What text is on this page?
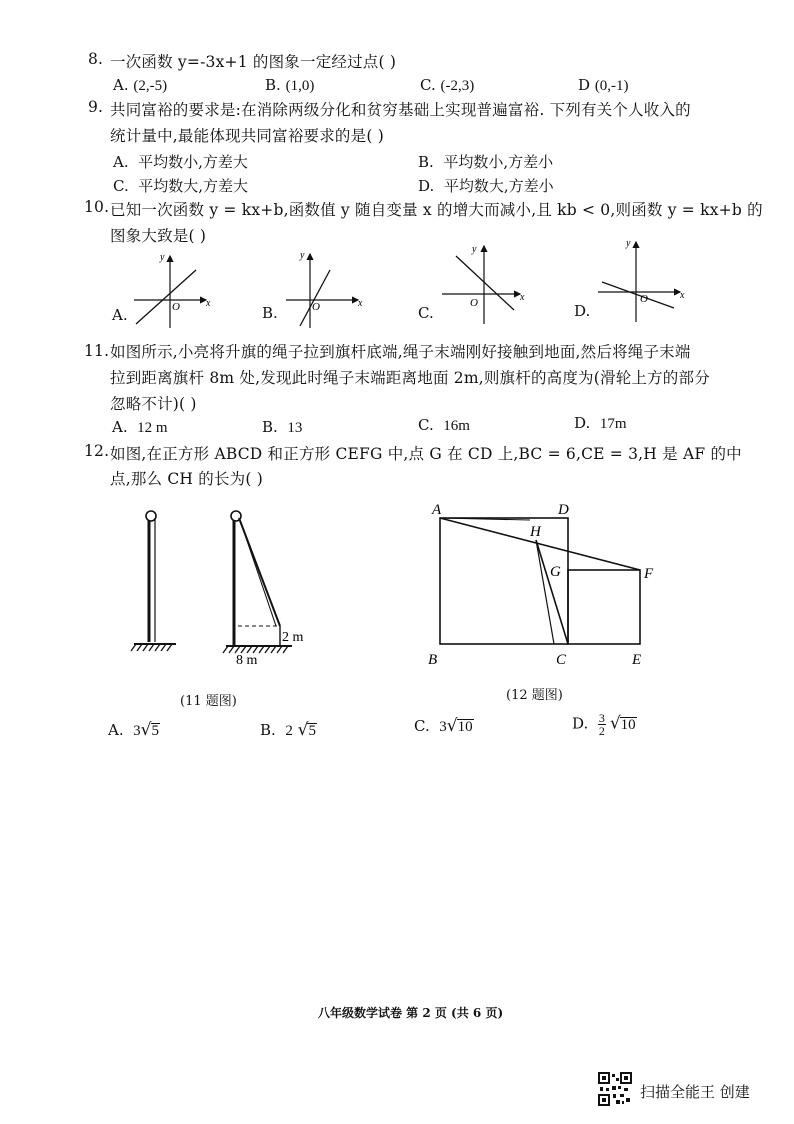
8. 一次函数 y=-3x+1 的图象一定经过点( )
A. (2,-5)	B. (1,0)	C. (-2,3)	D (0,-1)
9. 共同富裕的要求是:在消除两级分化和贫穷基础上实现普遍富裕. 下列有关个人收入的
统计量中,最能体现共同富裕要求的是( )
A. 平均数小,方差大	B. 平均数小,方差小
C. 平均数大,方差大	D. 平均数大,方差小
10. 已知一次函数 y = kx+b,函数值 y 随自变量 x 的增大而减小,且 kb < 0,则函数 y = kx+b 的
图象大致是( )
A.	B.	C.	D.
y
x
O
y
x
O
y
x
O
y
x
O
11. 如图所示,小亮将升旗的绳子拉到旗杆底端,绳子末端刚好接触到地面,然后将绳子末端
拉到距离旗杆 8m 处,发现此时绳子末端距离地面 2m,则旗杆的高度为(滑轮上方的部分
忽略不计)( )
A. 12 m	B. 13	C. 16m	D. 17m
12. 如图,在正方形 ABCD 和正方形 CEFG 中,点 G 在 CD 上,BC = 6,CE = 3,H 是 AF 的中
点,那么 CH 的长为( )
2 m
8 m
(11 题图)
A	D
H
G	F
B	C	E
(12 题图)
A. 3√5	B. 2 √5	C. 3√10	D. $\frac{3}{2} √10$
八年级数学试卷 第 2 页 (共 6 页)
扫描全能王 创建
